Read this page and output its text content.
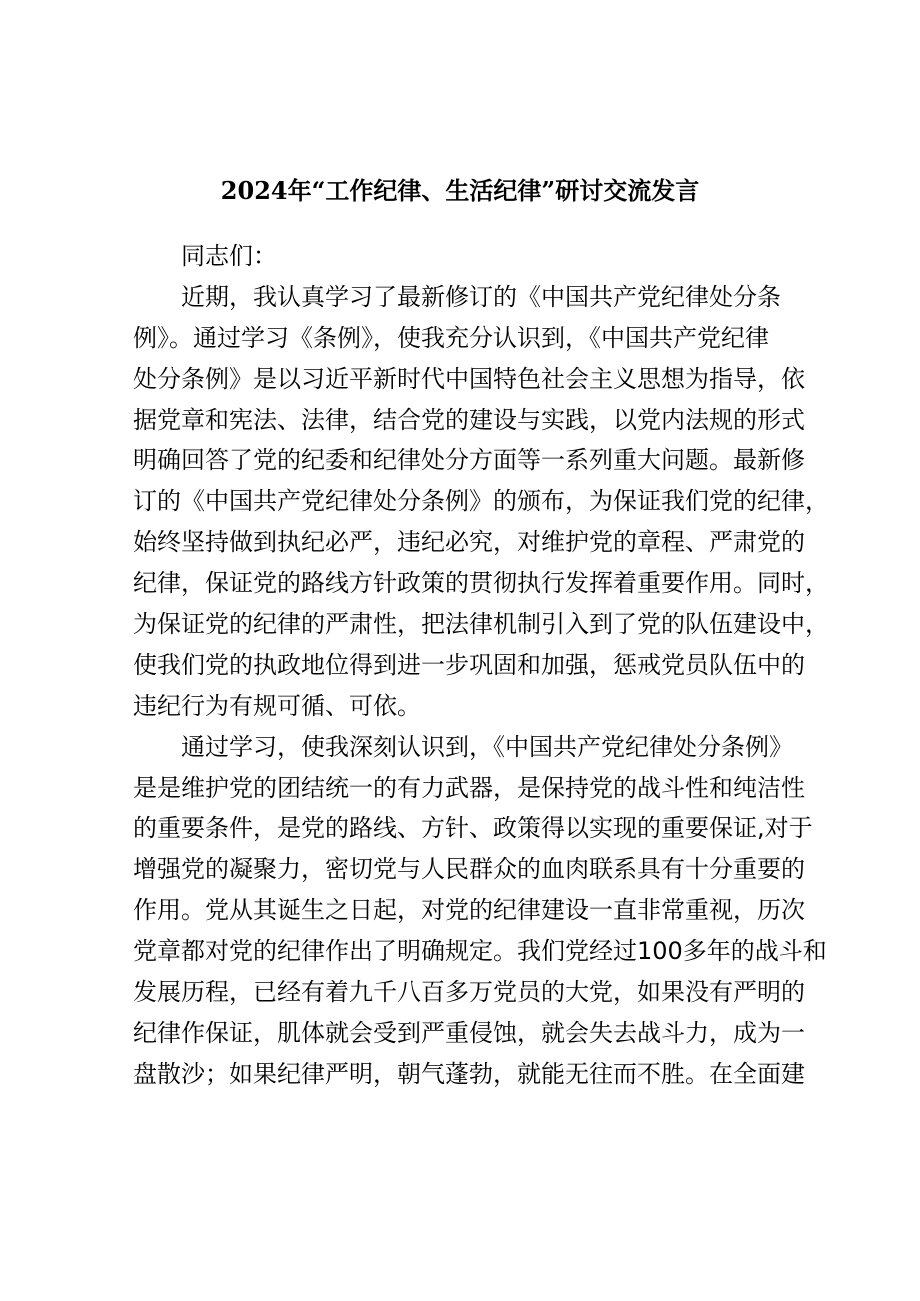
2024年“工作纪律、生活纪律”研讨交流发言
同志们：
近期，我认真学习了最新修订的《中国共产党纪律处分条
例》。通过学习《条例》，使我充分认识到，《中国共产党纪律
处分条例》是以习近平新时代中国特色社会主义思想为指导，依
据党章和宪法、法律，结合党的建设与实践，以党内法规的形式
明确回答了党的纪委和纪律处分方面等一系列重大问题。最新修
订的《中国共产党纪律处分条例》的颁布，为保证我们党的纪律，
始终坚持做到执纪必严，违纪必究，对维护党的章程、严肃党的
纪律，保证党的路线方针政策的贯彻执行发挥着重要作用。同时，
为保证党的纪律的严肃性，把法律机制引入到了党的队伍建设中，
使我们党的执政地位得到进一步巩固和加强，惩戒党员队伍中的
违纪行为有规可循、可依。
通过学习，使我深刻认识到，《中国共产党纪律处分条例》
是是维护党的团结统一的有力武器，是保持党的战斗性和纯洁性
的重要条件，是党的路线、方针、政策得以实现的重要保证,对于
增强党的凝聚力，密切党与人民群众的血肉联系具有十分重要的
作用。党从其诞生之日起，对党的纪律建设一直非常重视，历次
党章都对党的纪律作出了明确规定。我们党经过100多年的战斗和
发展历程，已经有着九千八百多万党员的大党，如果没有严明的
纪律作保证，肌体就会受到严重侵蚀，就会失去战斗力，成为一
盘散沙；如果纪律严明，朝气蓬勃，就能无往而不胜。在全面建
